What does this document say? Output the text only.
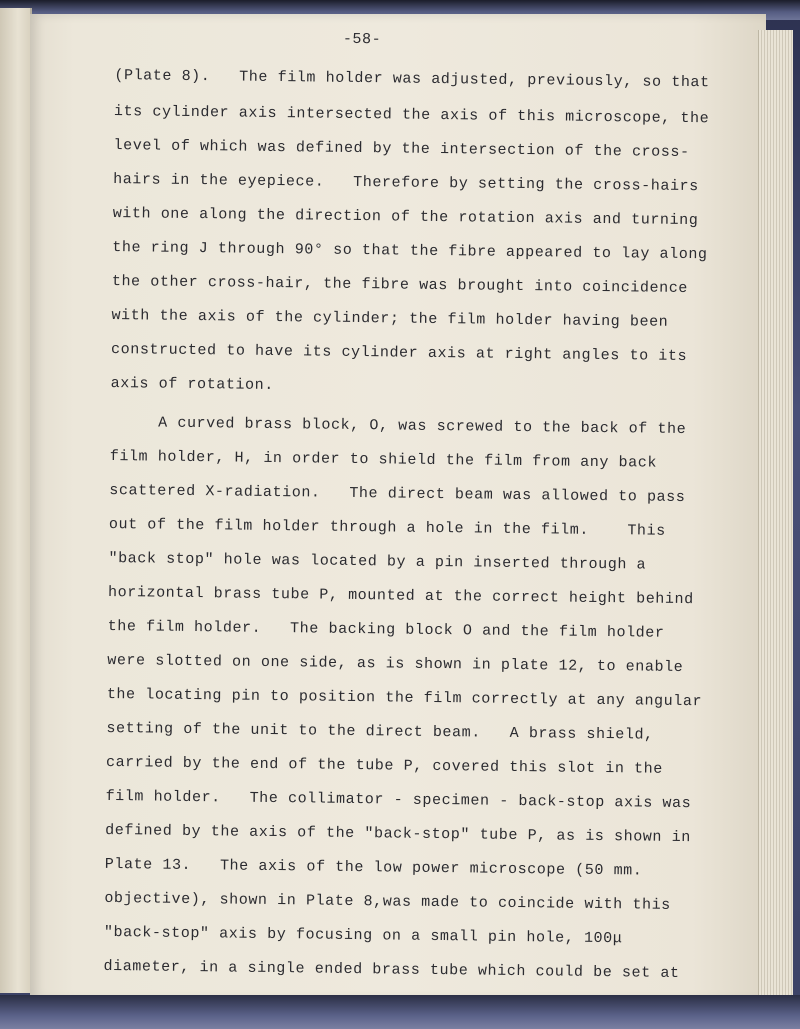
-58-
(Plate 8).   The film holder was adjusted, previously, so that
its cylinder axis intersected the axis of this microscope, the
level of which was defined by the intersection of the cross-
hairs in the eyepiece.   Therefore by setting the cross-hairs
with one along the direction of the rotation axis and turning
the ring J through 90° so that the fibre appeared to lay along
the other cross-hair, the fibre was brought into coincidence
with the axis of the cylinder; the film holder having been
constructed to have its cylinder axis at right angles to its
axis of rotation.
A curved brass block, O, was screwed to the back of the
film holder, H, in order to shield the film from any back
scattered X-radiation.   The direct beam was allowed to pass
out of the film holder through a hole in the film.    This
"back stop" hole was located by a pin inserted through a
horizontal brass tube P, mounted at the correct height behind
the film holder.   The backing block O and the film holder
were slotted on one side, as is shown in plate 12, to enable
the locating pin to position the film correctly at any angular
setting of the unit to the direct beam.   A brass shield,
carried by the end of the tube P, covered this slot in the
film holder.   The collimator - specimen - back-stop axis was
defined by the axis of the "back-stop" tube P, as is shown in
Plate 13.   The axis of the low power microscope (50 mm.
objective), shown in Plate 8,was made to coincide with this
"back-stop" axis by focusing on a small pin hole, 100μ
diameter, in a single ended brass tube which could be set at
